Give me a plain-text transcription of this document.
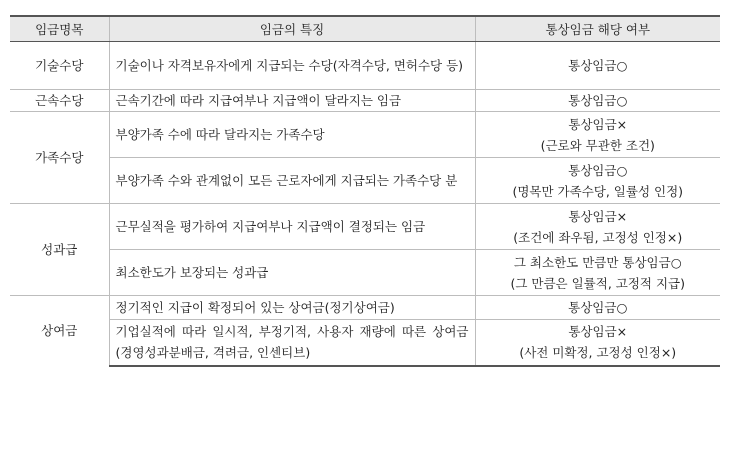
임금명목	임금의 특징	통상임금 해당 여부
기술수당	기술이나 자격보유자에게 지급되는 수당(자격수당, 면허수당 등)	통상임금○

근속수당	근속기간에 따라 지급여부나 지급액이 달라지는 임금	통상임금○

가족수당	부양가족 수에 따라 달라지는 가족수당	통상임금×
(근로와 무관한 조건)

	부양가족 수와 관계없이 모든 근로자에게 지급되는 가족수당 분	통상임금○
(명목만 가족수당, 일률성 인정)

성과급	근무실적을 평가하여 지급여부나 지급액이 결정되는 임금	통상임금×
(조건에 좌우됨, 고정성 인정×)

	최소한도가 보장되는 성과급	그 최소한도 만큼만 통상임금○
(그 만큼은 일률적, 고정적 지급)

상여금	정기적인 지급이 확정되어 있는 상여금(정기상여금)	통상임금○

	기업실적에 따라 일시적, 부정기적, 사용자 재량에 따른 상여금(경영성과분배금, 격려금, 인센티브)	통상임금×
(사전 미확정, 고정성 인정×)
